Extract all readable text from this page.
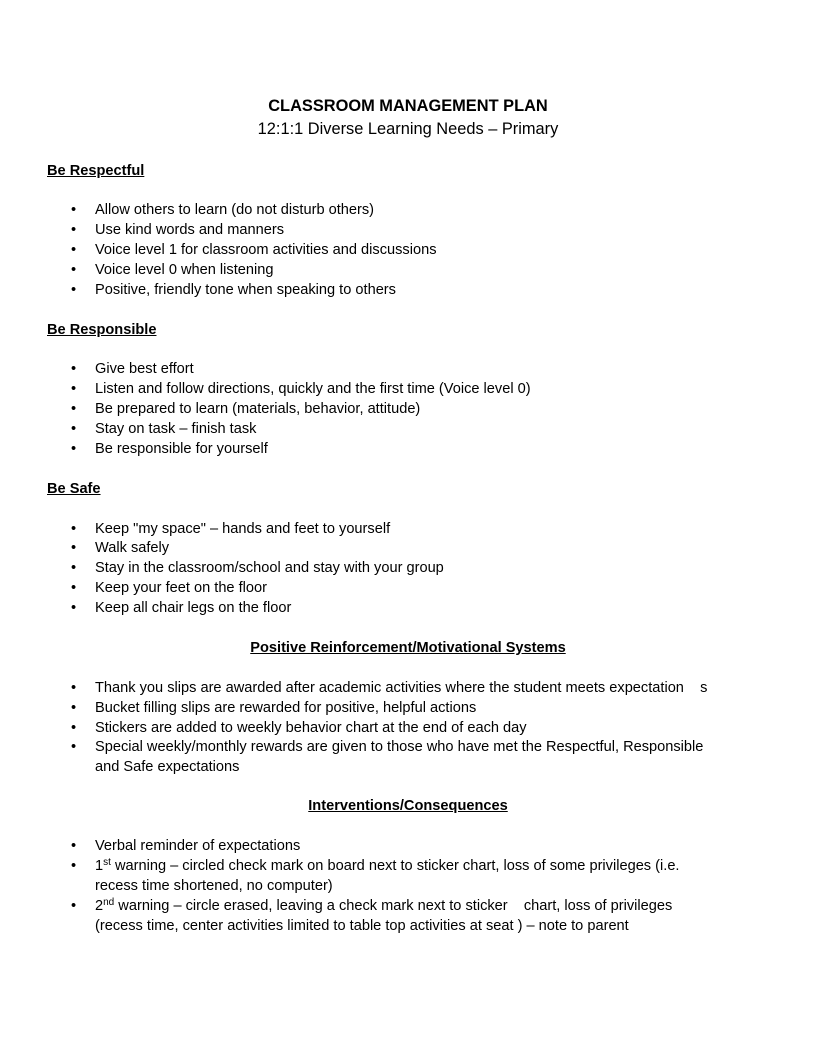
CLASSROOM MANAGEMENT PLAN
12:1:1 Diverse Learning Needs – Primary
Be Respectful
• Allow others to learn (do not disturb others)
• Use kind words and manners
• Voice level 1 for classroom activities and discussions
• Voice level 0 when listening
• Positive, friendly tone when speaking to others
Be Responsible
• Give best effort
• Listen and follow directions, quickly and the first time (Voice level 0)
• Be prepared to learn (materials, behavior, attitude)
• Stay on task – finish task
• Be responsible for yourself
Be Safe
• Keep "my space" – hands and feet to yourself
• Walk safely
• Stay in the classroom/school and stay with your group
• Keep your feet on the floor
• Keep all chair legs on the floor
Positive Reinforcement/Motivational Systems
• Thank you slips are awarded after academic activities where the student meets expectation    s
• Bucket filling slips are rewarded for positive, helpful actions
• Stickers are added to weekly behavior chart at the end of each day
• Special weekly/monthly rewards are given to those who have met the Respectful, Responsible
and Safe expectations
Interventions/Consequences
• Verbal reminder of expectations
• 1st warning – circled check mark on board next to sticker chart, loss of some privileges (i.e.
recess time shortened, no computer)
• 2nd warning – circle erased, leaving a check mark next to sticker    chart, loss of privileges
(recess time, center activities limited to table top activities at seat ) – note to parent
